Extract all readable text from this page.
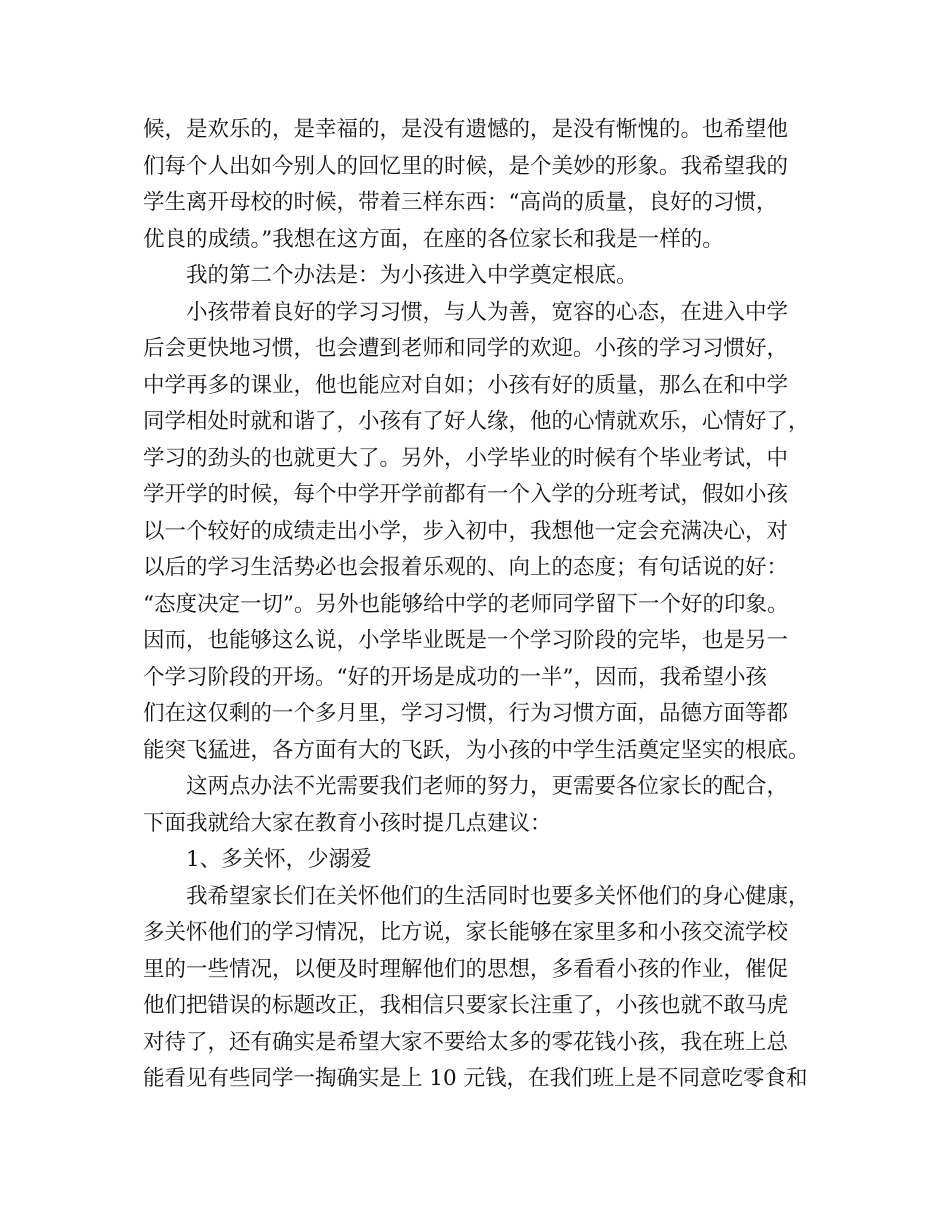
候，是欢乐的，是幸福的，是没有遗憾的，是没有惭愧的。也希望他
们每个人出如今别人的回忆里的时候，是个美妙的形象。我希望我的
学生离开母校的时候，带着三样东西：“高尚的质量，良好的习惯，
优良的成绩。”我想在这方面，在座的各位家长和我是一样的。
我的第二个办法是：为小孩进入中学奠定根底。
小孩带着良好的学习习惯，与人为善，宽容的心态，在进入中学
后会更快地习惯，也会遭到老师和同学的欢迎。小孩的学习习惯好，
中学再多的课业，他也能应对自如；小孩有好的质量，那么在和中学
同学相处时就和谐了，小孩有了好人缘，他的心情就欢乐，心情好了，
学习的劲头的也就更大了。另外，小学毕业的时候有个毕业考试，中
学开学的时候，每个中学开学前都有一个入学的分班考试，假如小孩
以一个较好的成绩走出小学，步入初中，我想他一定会充满决心，对
以后的学习生活势必也会报着乐观的、向上的态度；有句话说的好：
“态度决定一切”。另外也能够给中学的老师同学留下一个好的印象。
因而，也能够这么说，小学毕业既是一个学习阶段的完毕，也是另一
个学习阶段的开场。“好的开场是成功的一半”，因而，我希望小孩
们在这仅剩的一个多月里，学习习惯，行为习惯方面，品德方面等都
能突飞猛进，各方面有大的飞跃，为小孩的中学生活奠定坚实的根底。
这两点办法不光需要我们老师的努力，更需要各位家长的配合，
下面我就给大家在教育小孩时提几点建议：
1、多关怀，少溺爱
我希望家长们在关怀他们的生活同时也要多关怀他们的身心健康，
多关怀他们的学习情况，比方说，家长能够在家里多和小孩交流学校
里的一些情况，以便及时理解他们的思想，多看看小孩的作业，催促
他们把错误的标题改正，我相信只要家长注重了，小孩也就不敢马虎
对待了，还有确实是希望大家不要给太多的零花钱小孩，我在班上总
能看见有些同学一掏确实是上 10 元钱，在我们班上是不同意吃零食和
